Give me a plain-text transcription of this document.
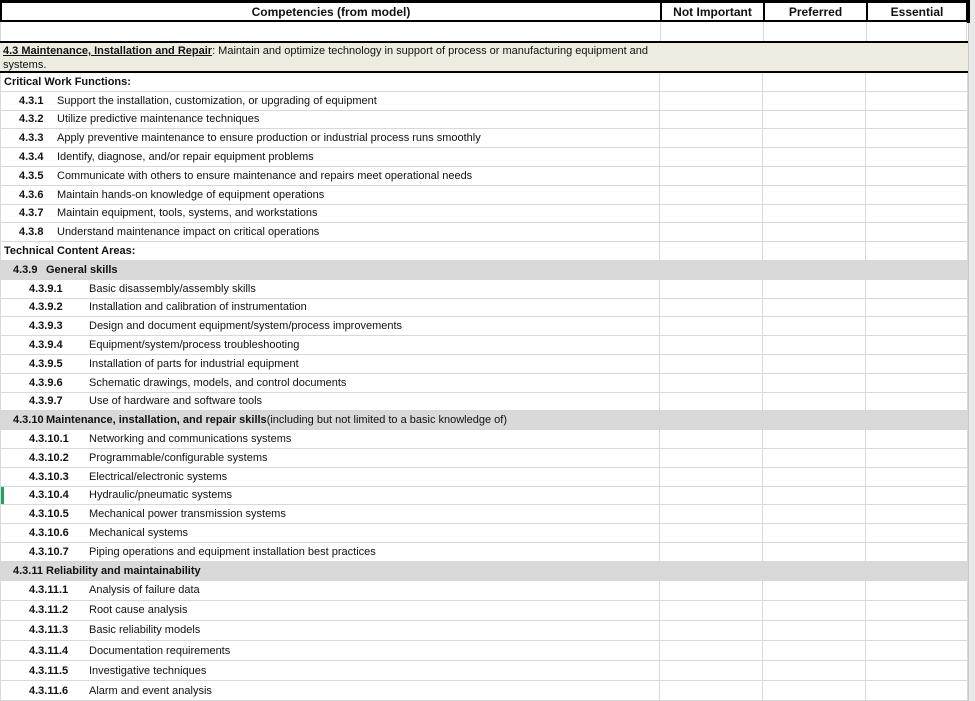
Competencies (from model)	Not Important	Preferred	Essential
4.3 Maintenance, Installation and Repair: Maintain and optimize technology in support of process or manufacturing equipment and systems.
Critical Work Functions:
4.3.1	Support the installation, customization, or upgrading of equipment
4.3.2	Utilize predictive maintenance techniques
4.3.3	Apply preventive maintenance to ensure production or industrial process runs smoothly
4.3.4	Identify, diagnose, and/or repair equipment problems
4.3.5	Communicate with others to ensure maintenance and repairs meet operational needs
4.3.6	Maintain hands-on knowledge of equipment operations
4.3.7	Maintain equipment, tools, systems, and workstations
4.3.8	Understand maintenance impact on critical operations
Technical Content Areas:
4.3.9 General skills
4.3.9.1	Basic disassembly/assembly skills
4.3.9.2	Installation and calibration of instrumentation
4.3.9.3	Design and document equipment/system/process improvements
4.3.9.4	Equipment/system/process troubleshooting
4.3.9.5	Installation of parts for industrial equipment
4.3.9.6	Schematic drawings, models, and control documents
4.3.9.7	Use of hardware and software tools
4.3.10 Maintenance, installation, and repair skills (including but not limited to a basic knowledge of)
4.3.10.1	Networking and communications systems
4.3.10.2	Programmable/configurable systems
4.3.10.3	Electrical/electronic systems
4.3.10.4	Hydraulic/pneumatic systems
4.3.10.5	Mechanical power transmission systems
4.3.10.6	Mechanical systems
4.3.10.7	Piping operations and equipment installation best practices
4.3.11 Reliability and maintainability
4.3.11.1	Analysis of failure data
4.3.11.2	Root cause analysis
4.3.11.3	Basic reliability models
4.3.11.4	Documentation requirements
4.3.11.5	Investigative techniques
4.3.11.6	Alarm and event analysis
